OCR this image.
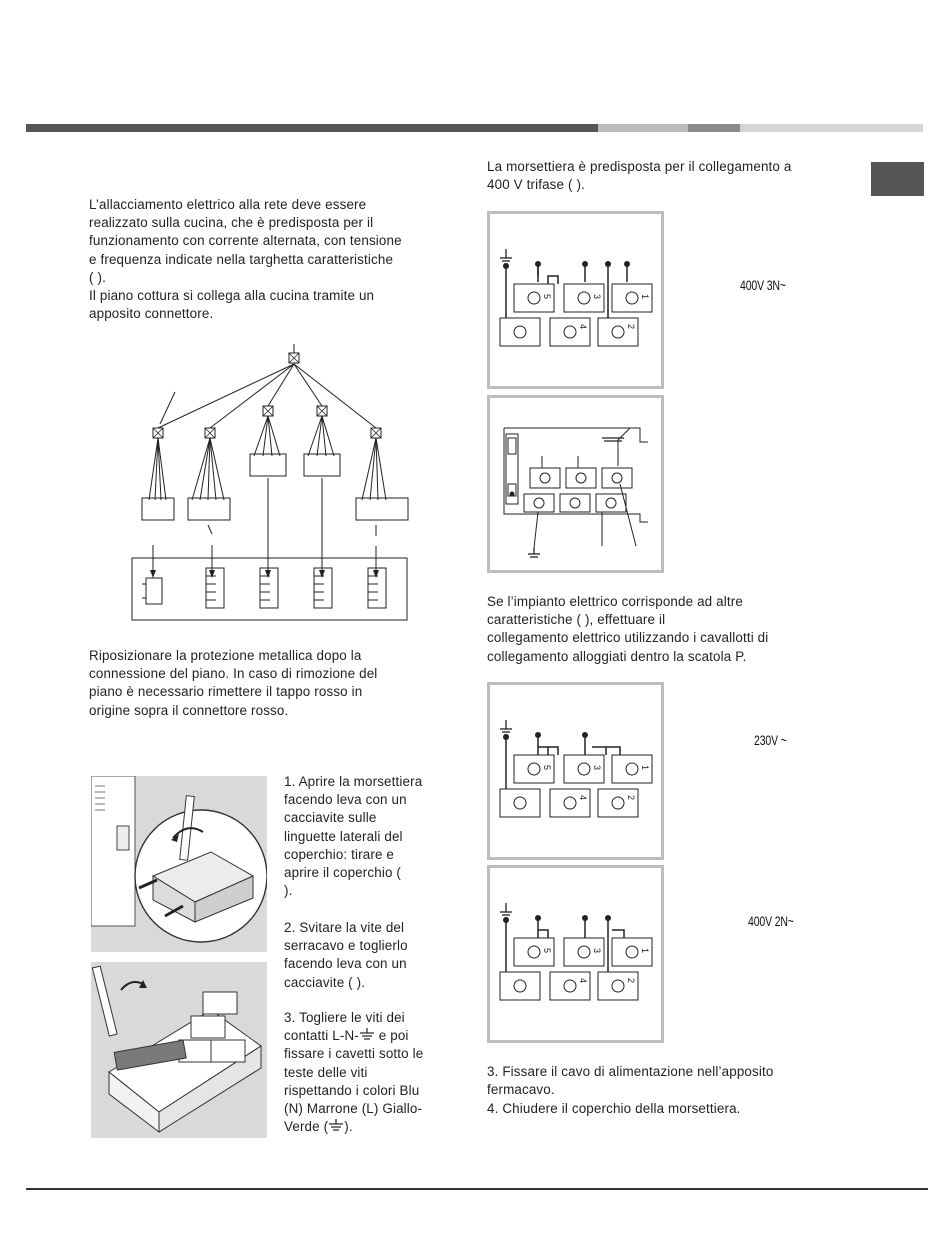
L’allacciamento elettrico alla rete deve essere
realizzato sulla cucina, che è predisposta per il
funzionamento con corrente alternata, con tensione
e frequenza indicate nella targhetta caratteristiche
( ).
Il piano cottura si collega alla cucina tramite un
apposito connettore.
Riposizionare la protezione metallica dopo la
connessione del piano. In caso di rimozione del
piano è necessario rimettere il tappo rosso in
origine sopra il connettore rosso.
1. Aprire la morsettiera
facendo leva con un
cacciavite sulle
linguette laterali del
coperchio: tirare e
aprire il coperchio (
).
2. Svitare la vite del
serracavo e toglierlo
facendo leva con un
cacciavite ( ).
3. Togliere le viti dei
contatti L-N- e poi
fissare i cavetti sotto le
teste delle viti
rispettando i colori Blu
(N) Marrone (L) Giallo-
Verde ( ).
La morsettiera è predisposta per il collegamento a
400 V trifase ( ).
5	3	1
4	2
400V 3N~
Se l’impianto elettrico corrisponde ad altre
caratteristiche ( ), effettuare il
collegamento elettrico utilizzando i cavallotti di
collegamento alloggiati dentro la scatola P.
5	3	1
4	2
230V ~
5	3	1
4	2
400V 2N~
3. Fissare il cavo di alimentazione nell’apposito
fermacavo.
4. Chiudere il coperchio della morsettiera.
